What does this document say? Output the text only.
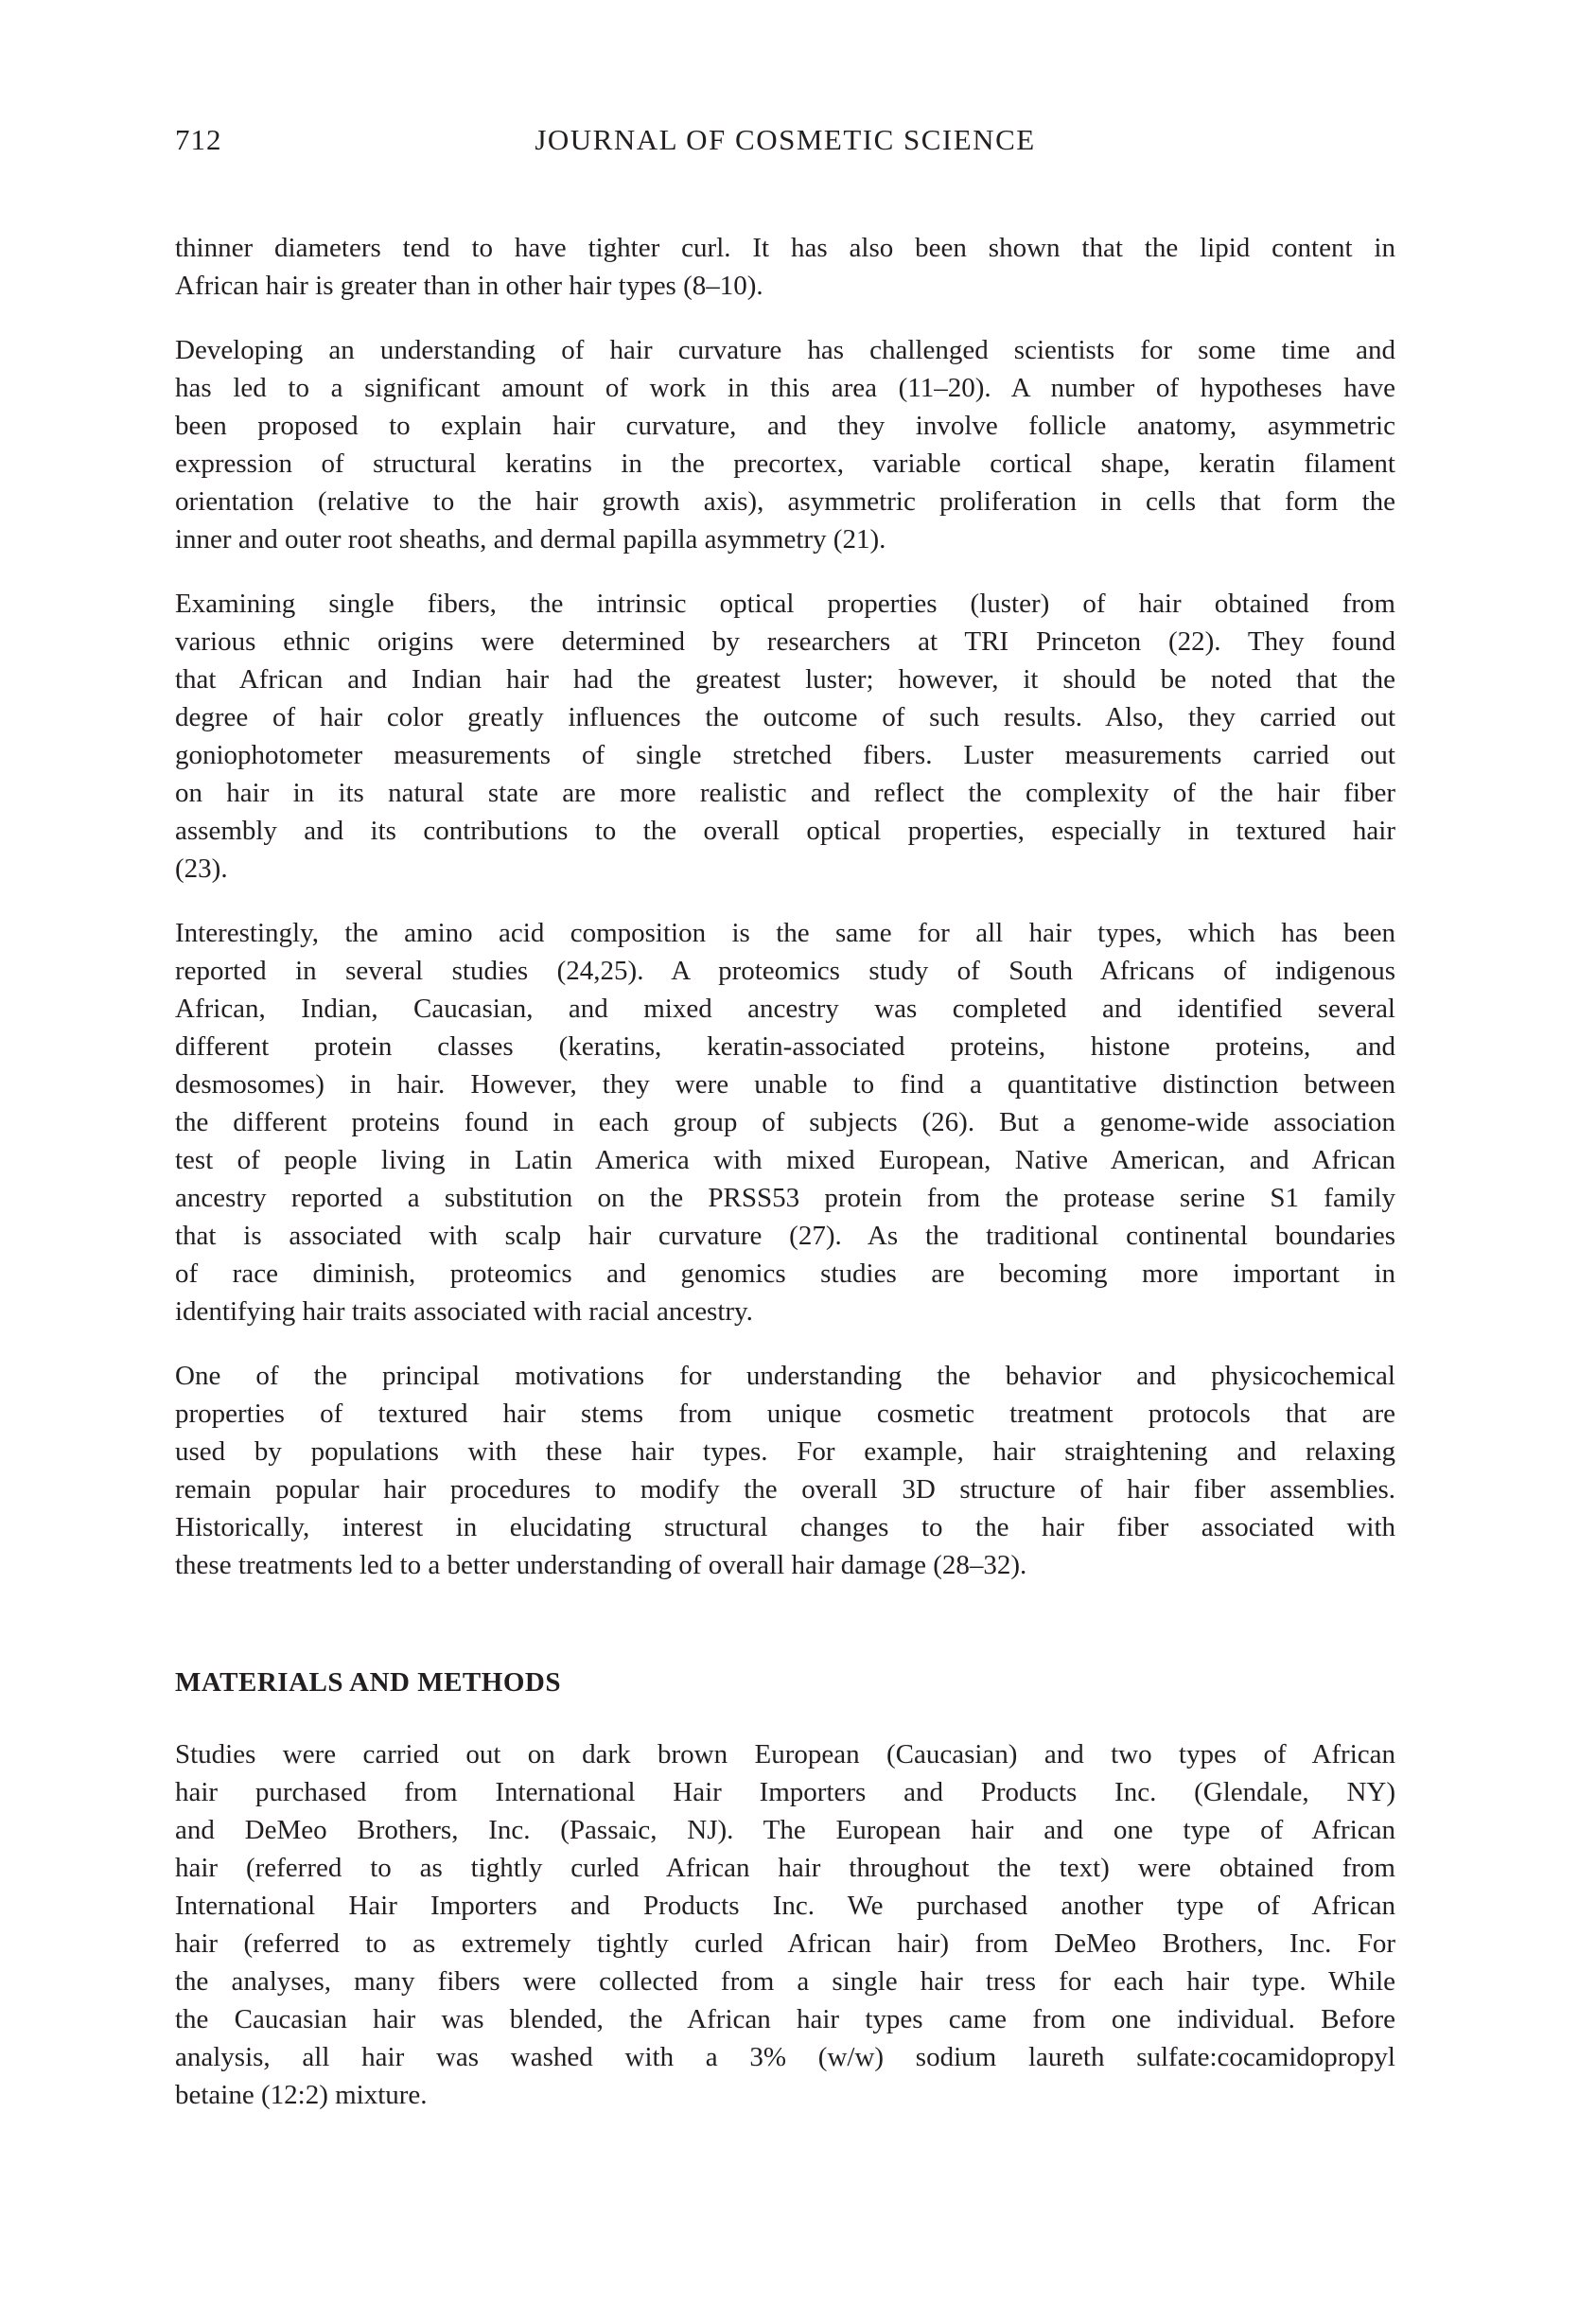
712	JOURNAL OF COSMETIC SCIENCE

thinner diameters tend to have tighter curl. It has also been shown that the lipid content in
African hair is greater than in other hair types (8–10).

Developing an understanding of hair curvature has challenged scientists for some time and
has led to a significant amount of work in this area (11–20). A number of hypotheses have
been proposed to explain hair curvature, and they involve follicle anatomy, asymmetric
expression of structural keratins in the precortex, variable cortical shape, keratin filament
orientation (relative to the hair growth axis), asymmetric proliferation in cells that form the
inner and outer root sheaths, and dermal papilla asymmetry (21).

Examining single fibers, the intrinsic optical properties (luster) of hair obtained from
various ethnic origins were determined by researchers at TRI Princeton (22). They found
that African and Indian hair had the greatest luster; however, it should be noted that the
degree of hair color greatly influences the outcome of such results. Also, they carried out
goniophotometer measurements of single stretched fibers. Luster measurements carried out
on hair in its natural state are more realistic and reflect the complexity of the hair fiber
assembly and its contributions to the overall optical properties, especially in textured hair
(23).

Interestingly, the amino acid composition is the same for all hair types, which has been
reported in several studies (24,25). A proteomics study of South Africans of indigenous
African, Indian, Caucasian, and mixed ancestry was completed and identified several
different protein classes (keratins, keratin-associated proteins, histone proteins, and
desmosomes) in hair. However, they were unable to find a quantitative distinction between
the different proteins found in each group of subjects (26). But a genome-wide association
test of people living in Latin America with mixed European, Native American, and African
ancestry reported a substitution on the PRSS53 protein from the protease serine S1 family
that is associated with scalp hair curvature (27). As the traditional continental boundaries
of race diminish, proteomics and genomics studies are becoming more important in
identifying hair traits associated with racial ancestry.

One of the principal motivations for understanding the behavior and physicochemical
properties of textured hair stems from unique cosmetic treatment protocols that are
used by populations with these hair types. For example, hair straightening and relaxing
remain popular hair procedures to modify the overall 3D structure of hair fiber assemblies.
Historically, interest in elucidating structural changes to the hair fiber associated with
these treatments led to a better understanding of overall hair damage (28–32).

MATERIALS AND METHODS

Studies were carried out on dark brown European (Caucasian) and two types of African
hair purchased from International Hair Importers and Products Inc. (Glendale, NY)
and DeMeo Brothers, Inc. (Passaic, NJ). The European hair and one type of African
hair (referred to as tightly curled African hair throughout the text) were obtained from
International Hair Importers and Products Inc. We purchased another type of African
hair (referred to as extremely tightly curled African hair) from DeMeo Brothers, Inc. For
the analyses, many fibers were collected from a single hair tress for each hair type. While
the Caucasian hair was blended, the African hair types came from one individual. Before
analysis, all hair was washed with a 3% (w/w) sodium laureth sulfate:cocamidopropyl
betaine (12:2) mixture.
